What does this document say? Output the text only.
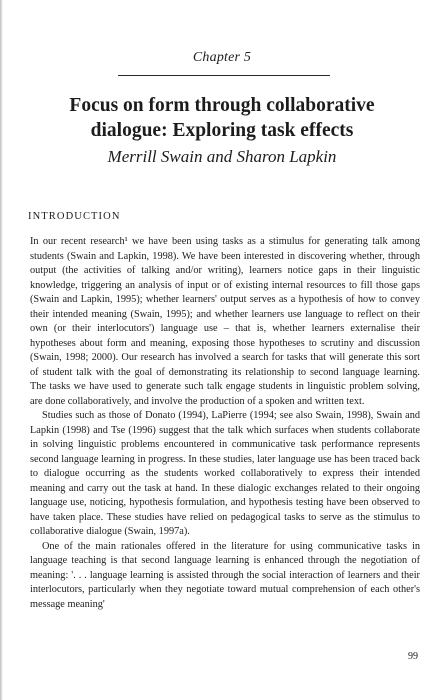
Chapter 5
Focus on form through collaborative
dialogue: Exploring task effects
Merrill Swain and Sharon Lapkin
INTRODUCTION

In our recent research¹ we have been using tasks as a stimulus for generating talk among students (Swain and Lapkin, 1998). We have been interested in discovering whether, through output (the activities of talking and/or writing), learners notice gaps in their linguistic knowledge, triggering an analysis of input or of existing internal resources to fill those gaps (Swain and Lapkin, 1995); whether learners' output serves as a hypothesis of how to convey their intended meaning (Swain, 1995); and whether learners use language to reflect on their own (or their interlocutors') language use – that is, whether learners externalise their hypotheses about form and meaning, exposing those hypotheses to scrutiny and discussion (Swain, 1998; 2000). Our research has involved a search for tasks that will generate this sort of student talk with the goal of demonstrating its relationship to second language learning. The tasks we have used to generate such talk engage students in linguistic problem solving, are done collaboratively, and involve the production of a spoken and written text.

Studies such as those of Donato (1994), LaPierre (1994; see also Swain, 1998), Swain and Lapkin (1998) and Tse (1996) suggest that the talk which surfaces when students collaborate in solving linguistic problems encountered in communicative task performance represents second language learning in progress. In these studies, later language use has been traced back to dialogue occurring as the students worked collaboratively to express their intended meaning and carry out the task at hand. In these dialogic exchanges related to their ongoing language use, noticing, hypothesis formulation, and hypothesis testing have been observed to have taken place. These studies have relied on pedagogical tasks to serve as the stimulus to collaborative dialogue (Swain, 1997a).

One of the main rationales offered in the literature for using communicative tasks in language teaching is that second language learning is enhanced through the negotiation of meaning: '. . . language learning is assisted through the social interaction of learners and their interlocutors, particularly when they negotiate toward mutual comprehension of each other's message meaning'

99
